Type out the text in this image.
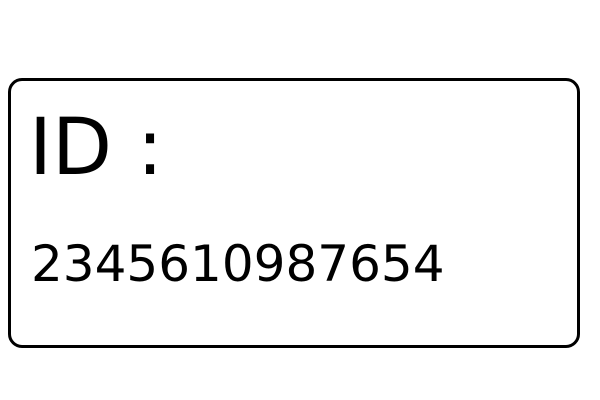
ID :
2345610987654
